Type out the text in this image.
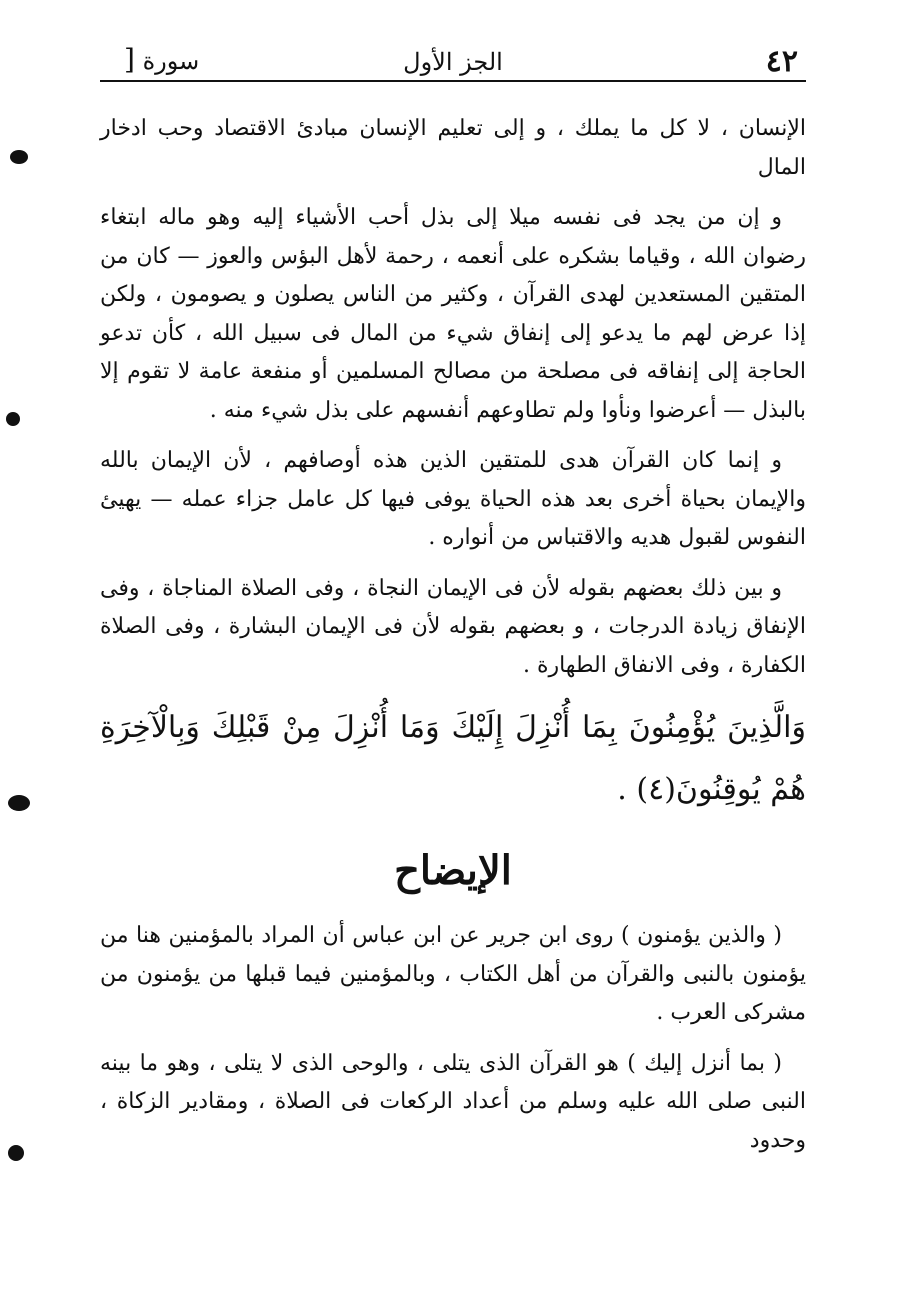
٤٢
الجز الأول
سورة [

الإنسان ، لا كل ما يملك ، و إلى تعليم الإنسان مبادئ الاقتصاد وحب ادخار المال

و إن من يجد فى نفسه ميلا إلى بذل أحب الأشياء إليه وهو ماله ابتغاء رضوان الله ، وقياما بشكره على أنعمه ، رحمة لأهل البؤس والعوز — كان من المتقين المستعدين لهدى القرآن ، وكثير من الناس يصلون و يصومون ، ولكن إذا عرض لهم ما يدعو إلى إنفاق شيء من المال فى سبيل الله ، كأن تدعو الحاجة إلى إنفاقه فى مصلحة من مصالح المسلمين أو منفعة عامة لا تقوم إلا بالبذل — أعرضوا ونأوا ولم تطاوعهم أنفسهم على بذل شيء منه .

و إنما كان القرآن هدى للمتقين الذين هذه أوصافهم ، لأن الإيمان بالله والإيمان بحياة أخرى بعد هذه الحياة يوفى فيها كل عامل جزاء عمله — يهيئ النفوس لقبول هديه والاقتباس من أنواره .

و بين ذلك بعضهم بقوله لأن فى الإيمان النجاة ، وفى الصلاة المناجاة ، وفى الإنفاق زيادة الدرجات ، و بعضهم بقوله لأن فى الإيمان البشارة ، وفى الصلاة الكفارة ، وفى الانفاق الطهارة .

وَالَّذِينَ يُؤْمِنُونَ بِمَا أُنْزِلَ إِلَيْكَ وَمَا أُنْزِلَ مِنْ قَبْلِكَ وَبِالْآخِرَةِ هُمْ يُوقِنُونَ(٤) .
الإيضاح

( والذين يؤمنون ) روى ابن جرير عن ابن عباس أن المراد بالمؤمنين هنا من يؤمنون بالنبى والقرآن من أهل الكتاب ، وبالمؤمنين فيما قبلها من يؤمنون من مشركى العرب .

( بما أنزل إليك ) هو القرآن الذى يتلى ، والوحى الذى لا يتلى ، وهو ما بينه النبى صلى الله عليه وسلم من أعداد الركعات فى الصلاة ، ومقادير الزكاة ، وحدود
